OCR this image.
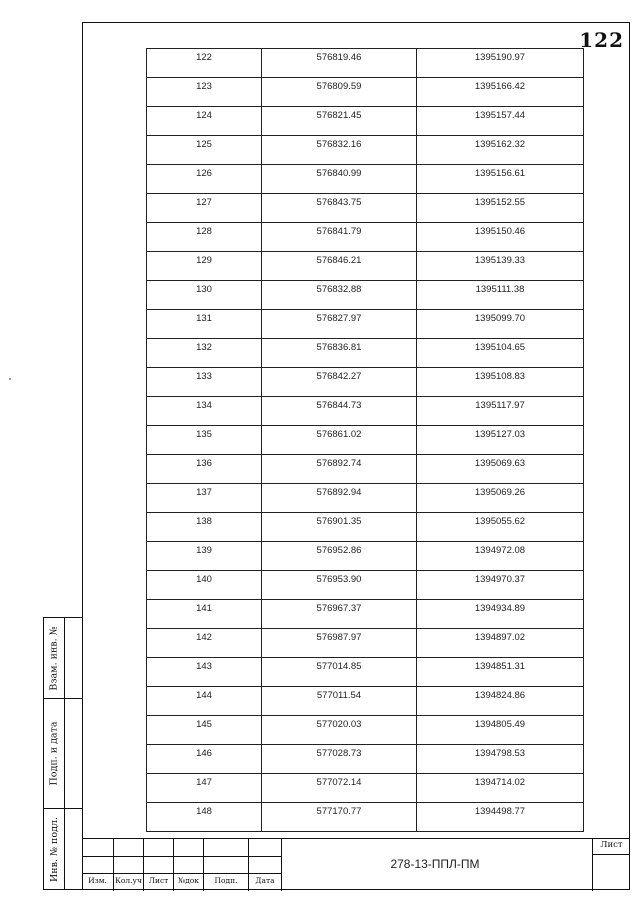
122
122	576819.46	1395190.97
123	576809.59	1395166.42
124	576821.45	1395157.44
125	576832.16	1395162.32
126	576840.99	1395156.61
127	576843.75	1395152.55
128	576841.79	1395150.46
129	576846.21	1395139.33
130	576832.88	1395111.38
131	576827.97	1395099.70
132	576836.81	1395104.65
133	576842.27	1395108.83
134	576844.73	1395117.97
135	576861.02	1395127.03
136	576892.74	1395069.63
137	576892.94	1395069.26
138	576901.35	1395055.62
139	576952.86	1394972.08
140	576953.90	1394970.37
141	576967.37	1394934.89
142	576987.97	1394897.02
143	577014.85	1394851.31
144	577011.54	1394824.86
145	577020.03	1394805.49
146	577028.73	1394798.53
147	577072.14	1394714.02
148	577170.77	1394498.77
Взам. инв. №
Подп. и дата
Инв. № подл.	Изм.	Кол.уч Лист	№док	Подп.	Дата
278-13-ППЛ-ПМ
Лист
